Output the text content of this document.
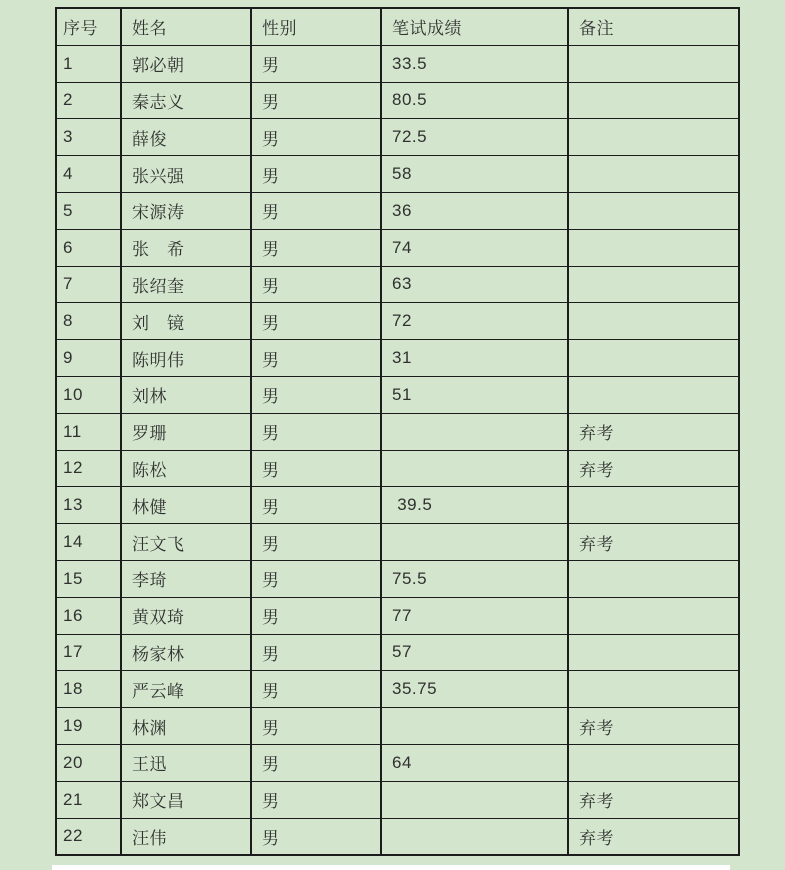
序号	姓名	性别	笔试成绩	备注
1	郭必朝	男	33.5	
2	秦志义	男	80.5	
3	薛俊	男	72.5	
4	张兴强	男	58	
5	宋源涛	男	36	
6	张　希	男	74	
7	张绍奎	男	63	
8	刘　镜	男	72	
9	陈明伟	男	31	
10	刘林	男	51	
11	罗珊	男		弃考
12	陈松	男		弃考
13	林健	男	39.5	
14	汪文飞	男		弃考
15	李琦	男	75.5	
16	黄双琦	男	77	
17	杨家林	男	57	
18	严云峰	男	35.75	
19	林渊	男		弃考
20	王迅	男	64	
21	郑文昌	男		弃考
22	汪伟	男		弃考
